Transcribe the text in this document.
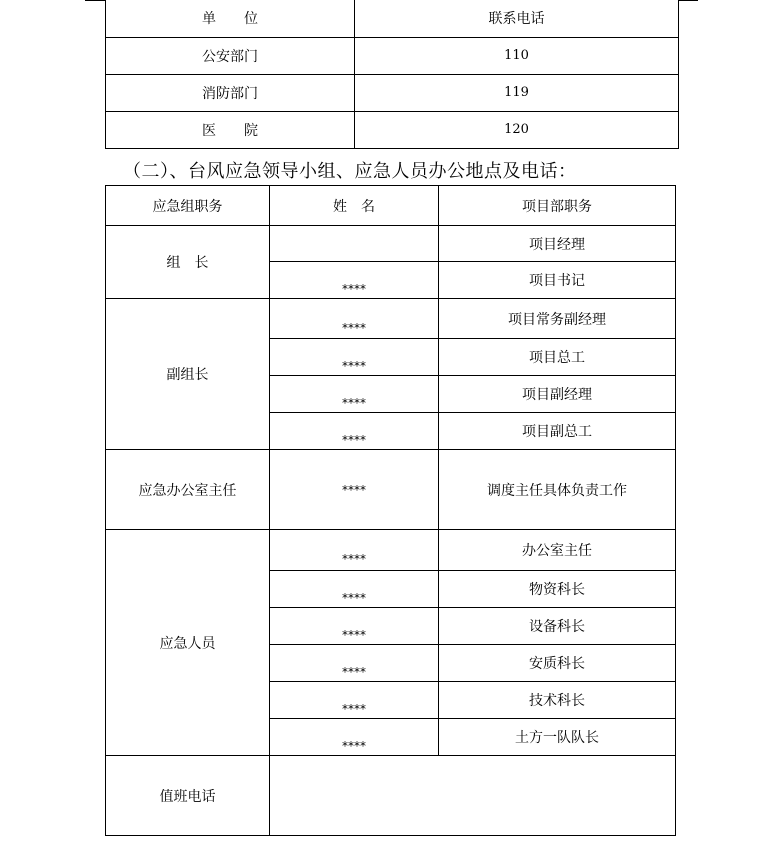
单　　位	联系电话
公安部门	110
消防部门	119
医　　院	120
（二）、台风应急领导小组、应急人员办公地点及电话：
应急组职务	姓　名	项目部职务
组　长		项目经理
	****	项目书记
副组长	****	项目常务副经理
	****	项目总工
	****	项目副经理
	****	项目副总工
应急办公室主任	****	调度主任具体负责工作
应急人员	****	办公室主任
	****	物资科长
	****	设备科长
	****	安质科长
	****	技术科长
	****	土方一队队长
值班电话		
